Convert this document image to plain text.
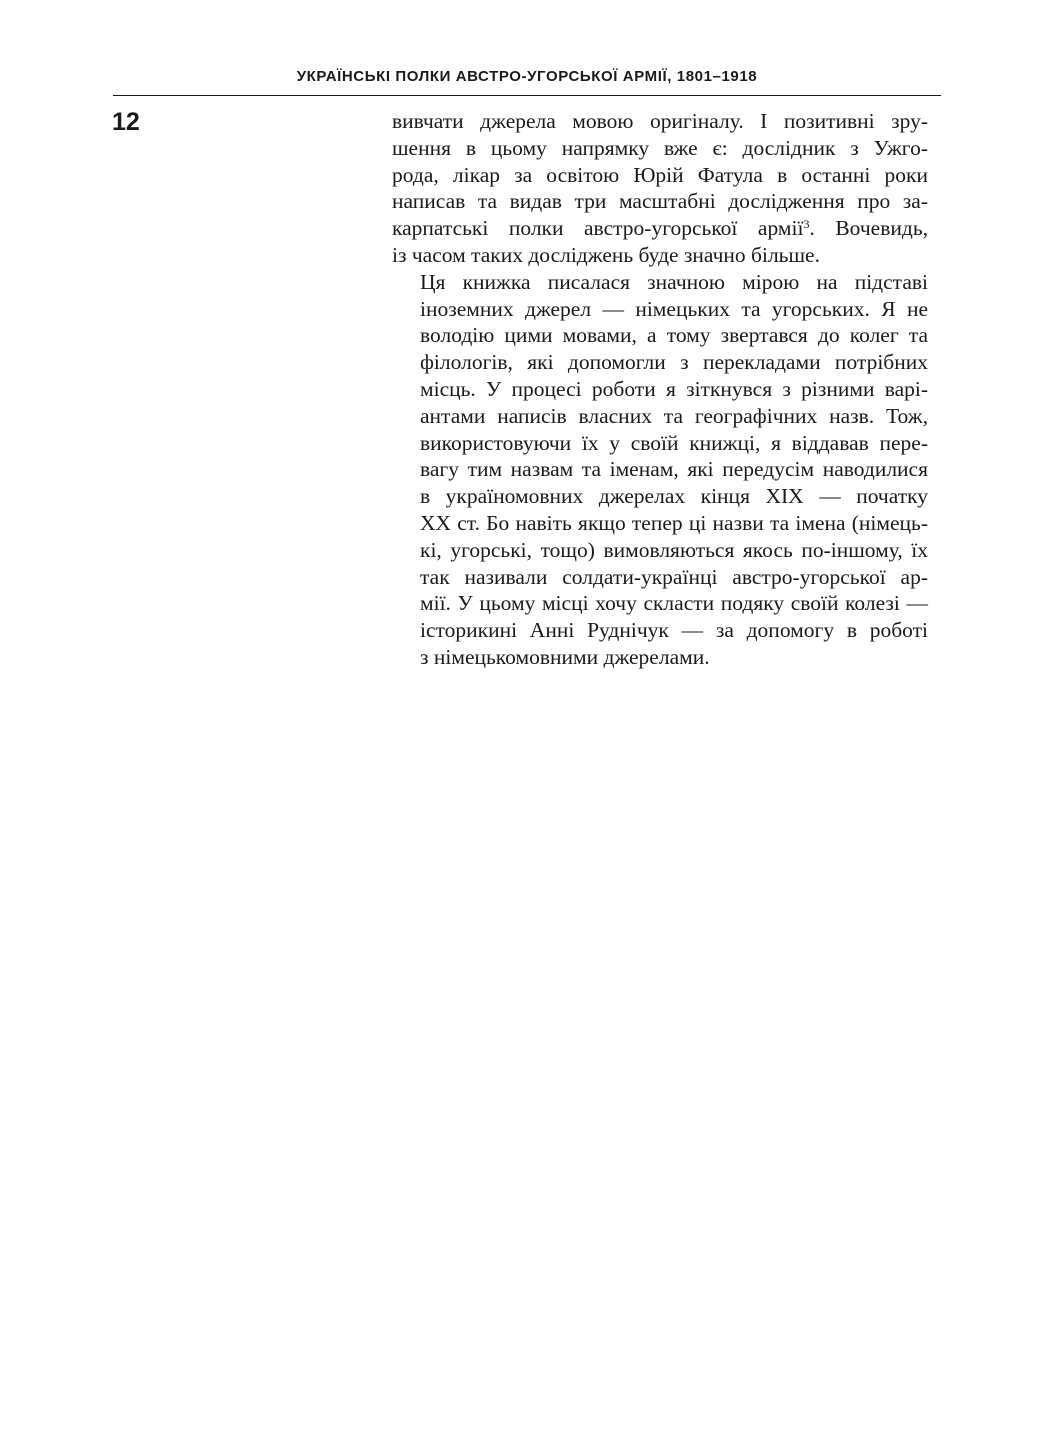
УКРАЇНСЬКІ ПОЛКИ АВСТРО-УГОРСЬКОЇ АРМІЇ, 1801–1918
12	вивчати джерела мовою оригіналу. І позитивні зру-
шення в цьому напрямку вже є: дослідник з Ужго-
рода, лікар за освітою Юрій Фатула в останні роки
написав та видав три масштабні дослідження про за-
карпатські полки австро-угорської армії$^3$. Вочевидь,
із часом таких досліджень буде значно більше.

Ця книжка писалася значною мірою на підставі
іноземних джерел — німецьких та угорських. Я не
володію цими мовами, а тому звертався до колег та
філологів, які допомогли з перекладами потрібних
місць. У процесі роботи я зіткнувся з різними варі-
антами написів власних та географічних назв. Тож,
використовуючи їх у своїй книжці, я віддавав пере-
вагу тим назвам та іменам, які передусім наводилися
в україномовних джерелах кінця XIX — початку
XX ст. Бо навіть якщо тепер ці назви та імена (німець-
кі, угорські, тощо) вимовляються якось по-іншому, їх
так називали солдати-українці австро-угорської ар-
мії. У цьому місці хочу скласти подяку своїй колезі —
історикині Анні Руднічук — за допомогу в роботі
з німецькомовними джерелами.
